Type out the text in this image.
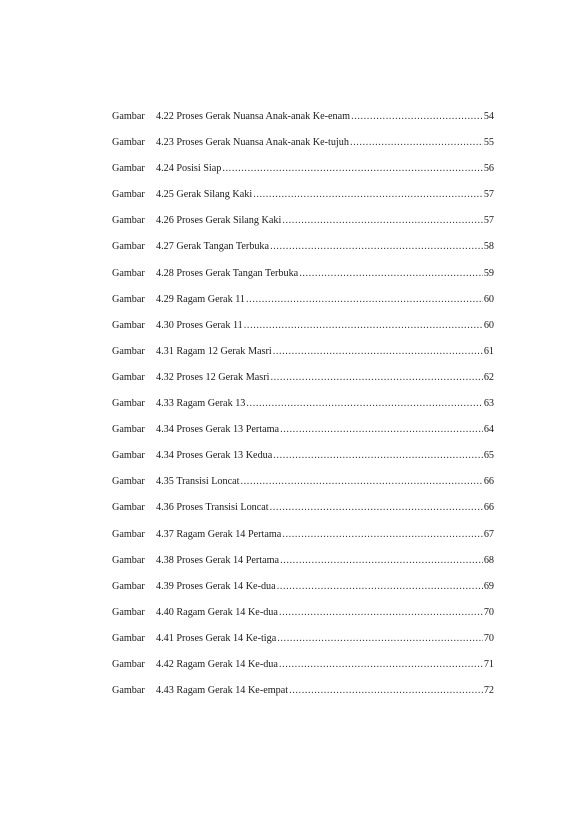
Gambar 4.22 Proses Gerak Nuansa Anak-anak Ke-enam .....	54
Gambar 4.23 Proses Gerak Nuansa Anak-anak Ke-tujuh .....	55
Gambar 4.24 Posisi Siap .....	56
Gambar 4.25 Gerak Silang Kaki .....	57
Gambar 4.26 Proses Gerak Silang Kaki .....	57
Gambar 4.27 Gerak Tangan Terbuka .....	58
Gambar 4.28 Proses Gerak Tangan Terbuka .....	59
Gambar 4.29 Ragam Gerak 11 .....	60
Gambar 4.30 Proses Gerak 11 .....	60
Gambar 4.31 Ragam 12 Gerak Masri .....	61
Gambar 4.32 Proses 12 Gerak Masri .....	62
Gambar 4.33 Ragam Gerak 13 .....	63
Gambar 4.34 Proses Gerak 13 Pertama .....	64
Gambar 4.34 Proses Gerak 13 Kedua .....	65
Gambar 4.35 Transisi Loncat .....	66
Gambar 4.36 Proses Transisi Loncat .....	66
Gambar 4.37 Ragam Gerak 14 Pertama .....	67
Gambar 4.38 Proses Gerak 14 Pertama .....	68
Gambar 4.39 Proses Gerak 14 Ke-dua .....	69
Gambar 4.40 Ragam Gerak 14 Ke-dua .....	70
Gambar 4.41 Proses Gerak 14 Ke-tiga .....	70
Gambar 4.42 Ragam Gerak 14 Ke-dua .....	71
Gambar 4.43 Ragam Gerak 14 Ke-empat .....	72
